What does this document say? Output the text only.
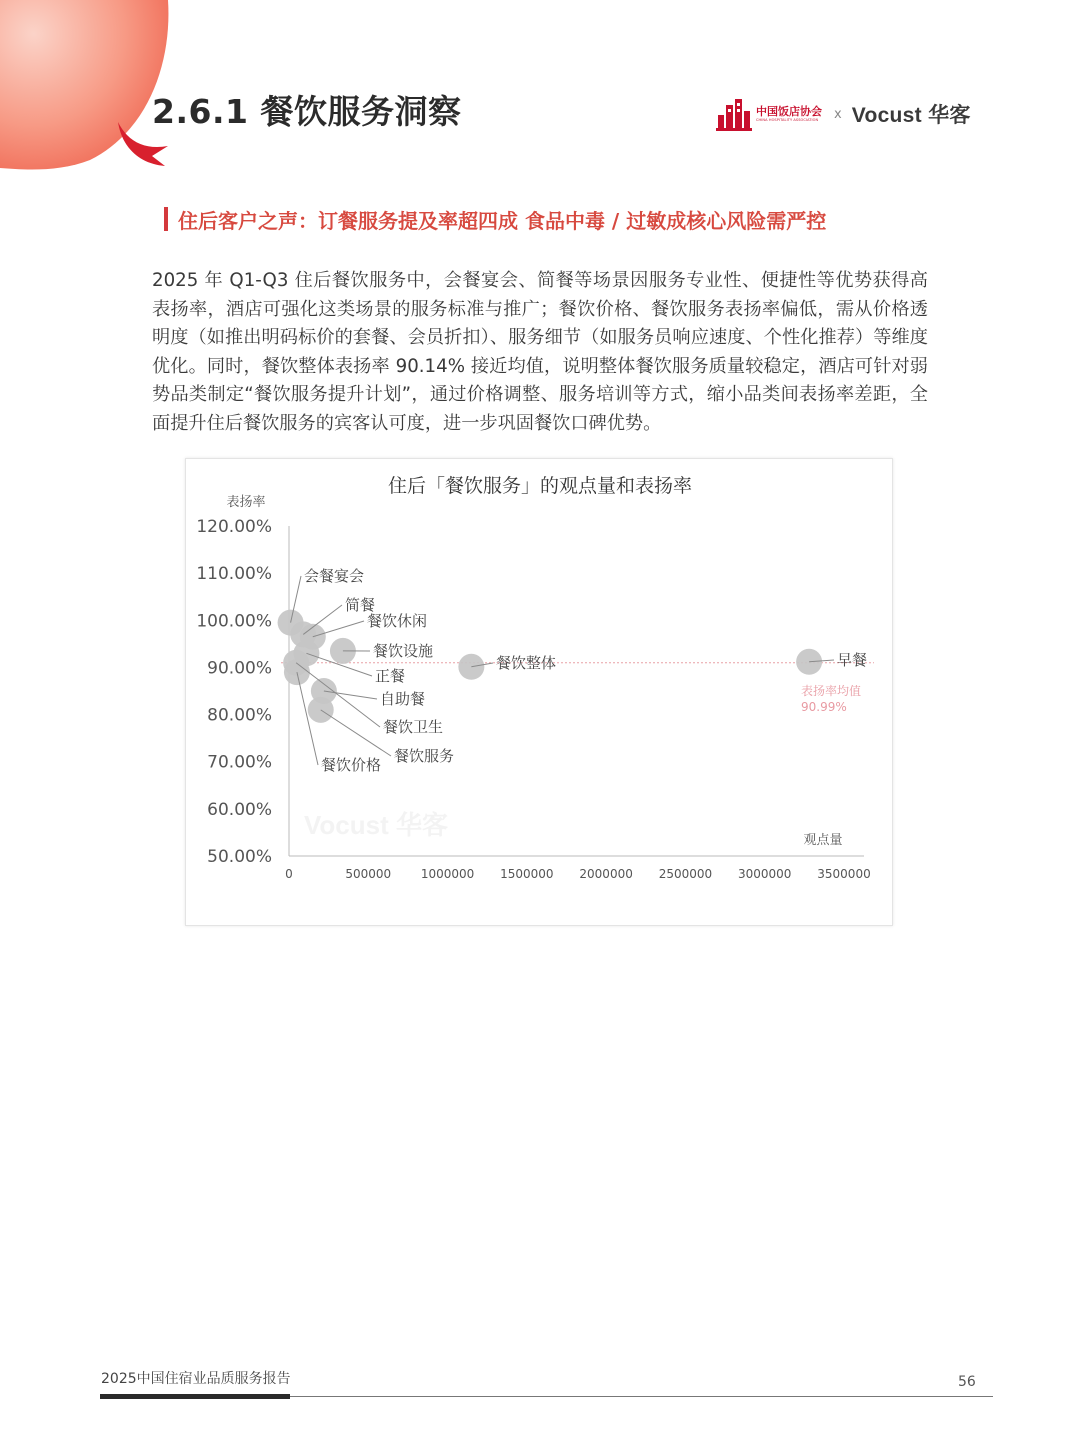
2.6.1 餐饮服务洞察	中国饭店协会
CHINA HOSPITALITY ASSOCIATION x Vocust 华客
住后客户之声：订餐服务提及率超四成 食品中毒 / 过敏成核心风险需严控

2025 年 Q1-Q3 住后餐饮服务中，会餐宴会、简餐等场景因服务专业性、便捷性等优势获得高表扬率，酒店可强化这类场景的服务标准与推广；餐饮价格、餐饮服务表扬率偏低，需从价格透明度（如推出明码标价的套餐、会员折扣）、服务细节（如服务员响应速度、个性化推荐）等维度优化。同时，餐饮整体表扬率 90.14% 接近均值，说明整体餐饮服务质量较稳定，酒店可针对弱势品类制定“餐饮服务提升计划”，通过价格调整、服务培训等方式，缩小品类间表扬率差距，全面提升住后餐饮服务的宾客认可度，进一步巩固餐饮口碑优势。

住后「餐饮服务」的观点量和表扬率
表扬率
观点量
Vocust 华客
50.00%
60.00%
70.00%
80.00%
90.00%
100.00%
110.00%
120.00%
0	500000 1000000 1500000 2000000 2500000 3000000 3500000
会餐宴会
简餐
餐饮休闲
餐饮设施
正餐
餐饮整体	早餐
自助餐
餐饮卫生
餐饮服务
餐饮价格
表扬率均值
90.99%
2025中国住宿业品质服务报告	56
